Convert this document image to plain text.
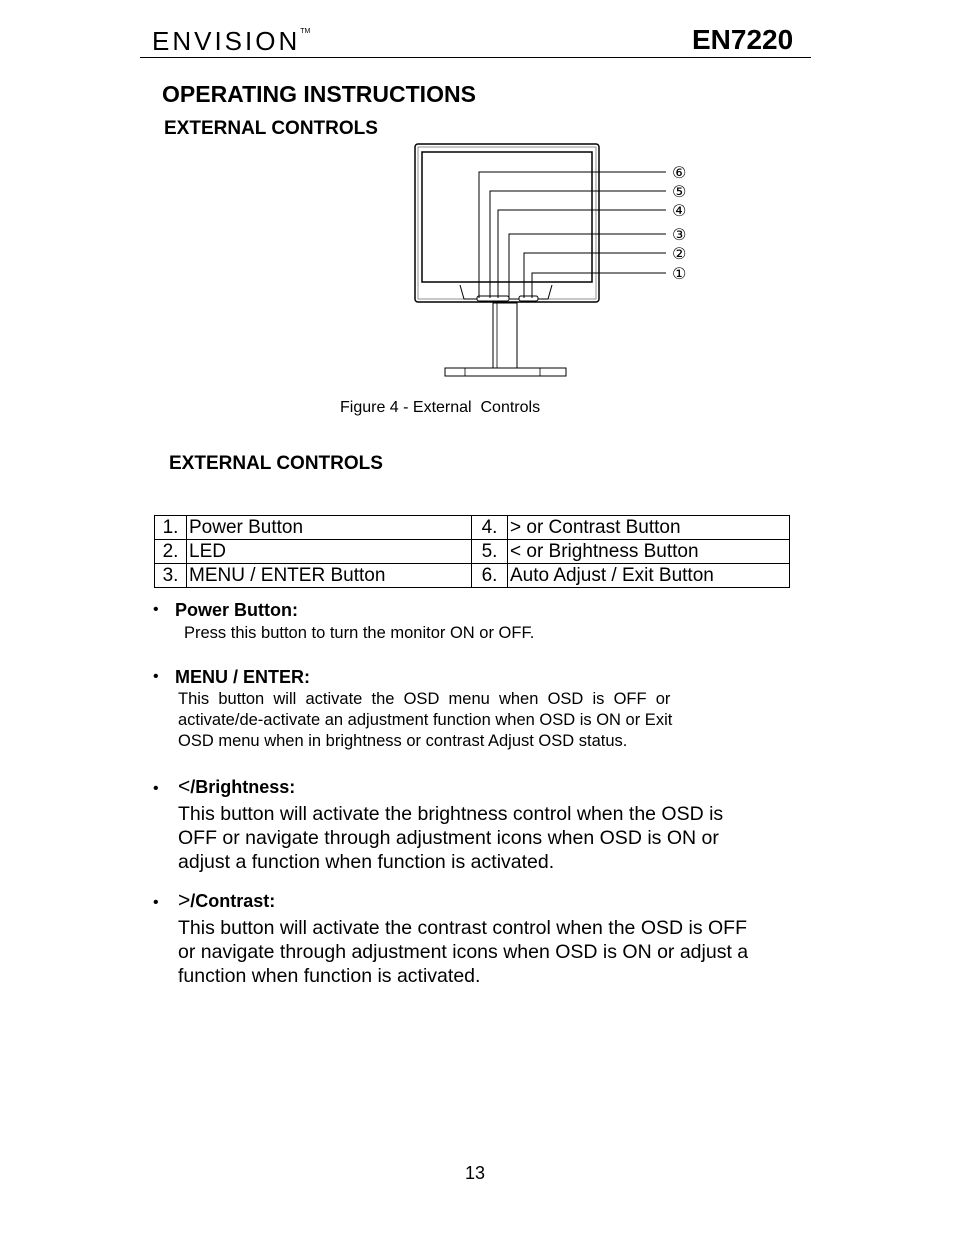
ENVISION™	EN7220
OPERATING INSTRUCTIONS
EXTERNAL CONTROLS
⑥
⑤
④
③
②
①
Figure 4 - External  Controls
EXTERNAL CONTROLS
1.	Power Button	4.	> or Contrast Button
2.	LED	5.	< or Brightness Button
3.	MENU / ENTER Button	6.	Auto Adjust / Exit Button
• Power Button:
Press this button to turn the monitor ON or OFF.
• MENU / ENTER:
This  button  will  activate  the  OSD  menu  when  OSD  is  OFF  or
activate/de-activate an adjustment function when OSD is ON or Exit
OSD menu when in brightness or contrast Adjust OSD status.
• </Brightness:
This button will activate the brightness control when the OSD is
OFF or navigate through adjustment icons when OSD is ON or
adjust a function when function is activated.
• >/Contrast:
This button will activate the contrast control when the OSD is OFF
or navigate through adjustment icons when OSD is ON or adjust a
function when function is activated.
13
